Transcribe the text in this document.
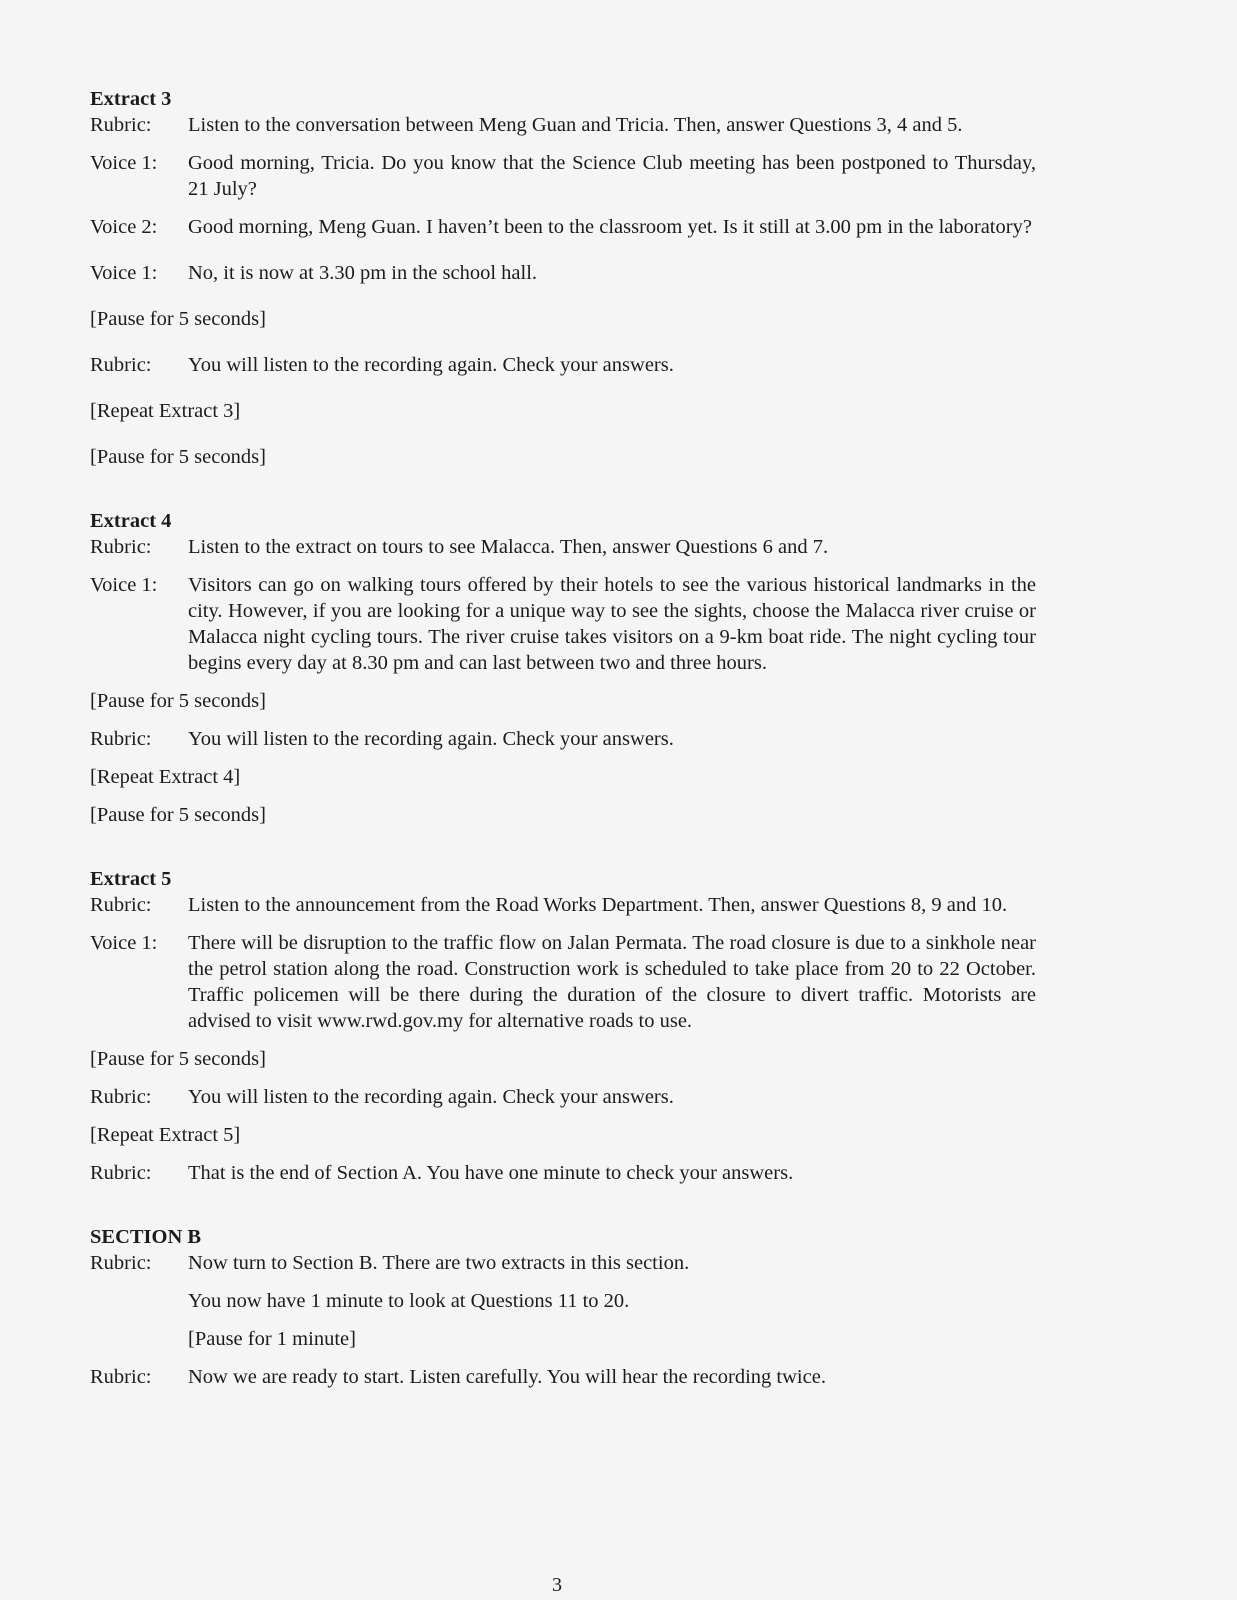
Extract 3

Rubric:	Listen to the conversation between Meng Guan and Tricia. Then, answer Questions 3, 4 and 5.
Voice 1:	Good morning, Tricia. Do you know that the Science Club meeting has been postponed to Thursday, 21 July?
Voice 2:	Good morning, Meng Guan. I haven’t been to the classroom yet. Is it still at 3.00 pm in the laboratory?
Voice 1:	No, it is now at 3.30 pm in the school hall.

[Pause for 5 seconds]

Rubric:	You will listen to the recording again. Check your answers.

[Repeat Extract 3]

[Pause for 5 seconds]

Extract 4

Rubric:	Listen to the extract on tours to see Malacca. Then, answer Questions 6 and 7.
Voice 1:	Visitors can go on walking tours offered by their hotels to see the various historical landmarks in the city. However, if you are looking for a unique way to see the sights, choose the Malacca river cruise or Malacca night cycling tours. The river cruise takes visitors on a 9-km boat ride. The night cycling tour begins every day at 8.30 pm and can last between two and three hours.

[Pause for 5 seconds]

Rubric:	You will listen to the recording again. Check your answers.

[Repeat Extract 4]

[Pause for 5 seconds]

Extract 5

Rubric:	Listen to the announcement from the Road Works Department. Then, answer Questions 8, 9 and 10.
Voice 1:	There will be disruption to the traffic flow on Jalan Permata. The road closure is due to a sinkhole near the petrol station along the road. Construction work is scheduled to take place from 20 to 22 October. Traffic policemen will be there during the duration of the closure to divert traffic. Motorists are advised to visit www.rwd.gov.my for alternative roads to use.

[Pause for 5 seconds]

Rubric:	You will listen to the recording again. Check your answers.

[Repeat Extract 5]

Rubric:	That is the end of Section A. You have one minute to check your answers.

SECTION B

Rubric:	Now turn to Section B. There are two extracts in this section.

You now have 1 minute to look at Questions 11 to 20.

[Pause for 1 minute]

Rubric:	Now we are ready to start. Listen carefully. You will hear the recording twice.
3
